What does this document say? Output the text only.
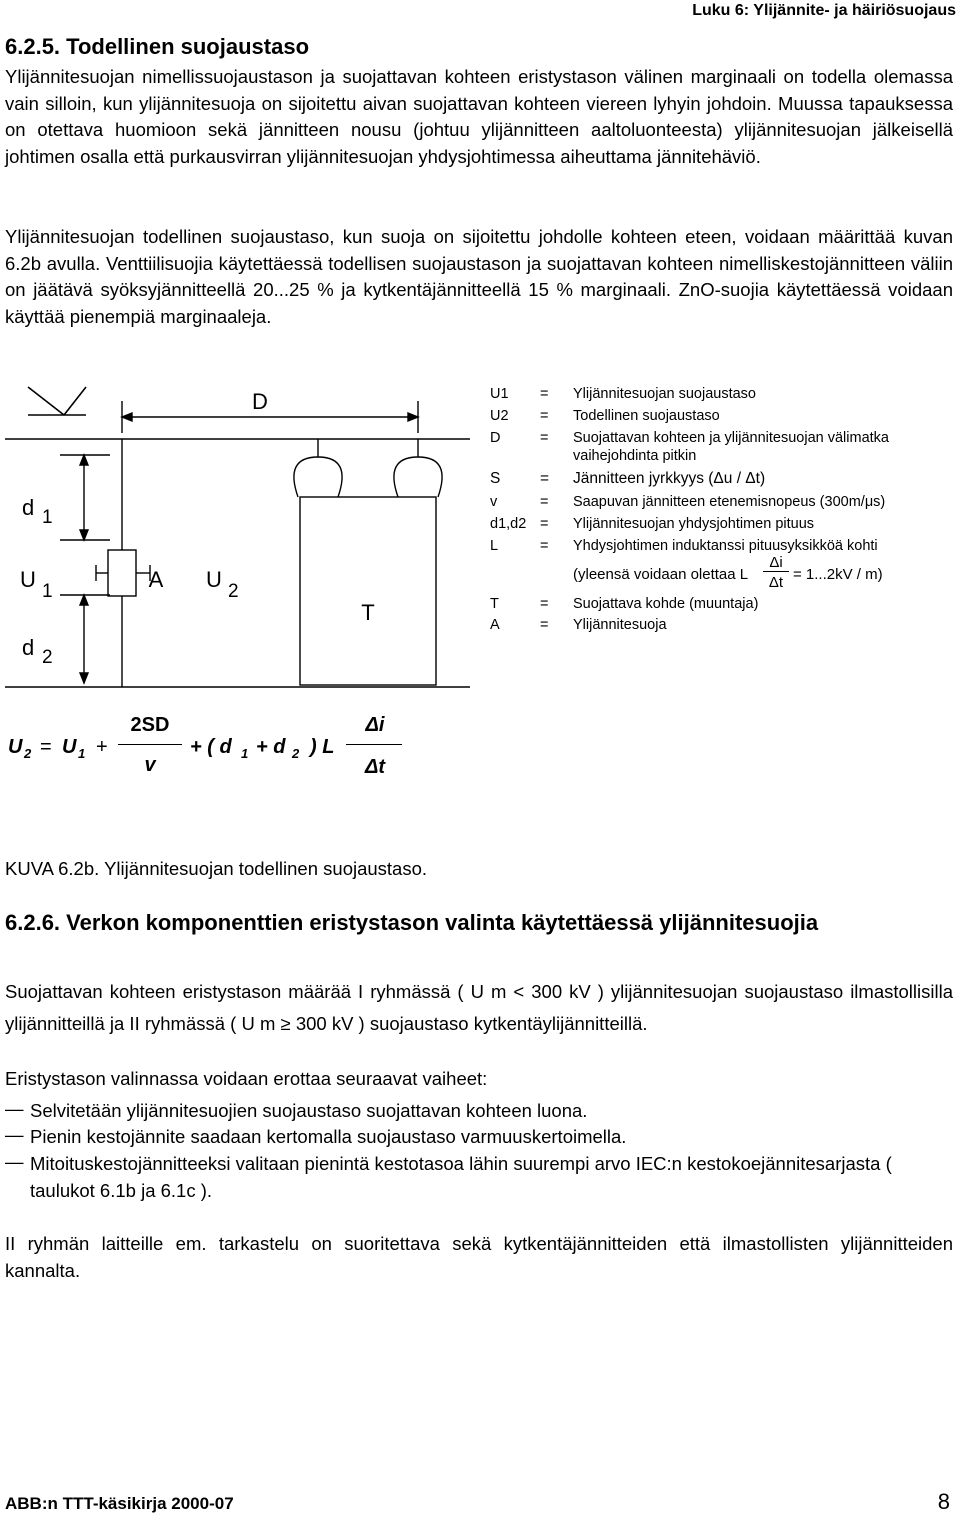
Luku 6: Ylijännite- ja häiriösuojaus
6.2.5. Todellinen suojaustaso
Ylijännitesuojan nimellissuojaustason ja suojattavan kohteen eristystason välinen marginaali on todella olemassa vain silloin, kun ylijännitesuoja on sijoitettu aivan suojattavan kohteen viereen lyhyin johdoin. Muussa tapauksessa on otettava huomioon sekä jännitteen nousu (johtuu ylijännitteen aaltoluonteesta) ylijännitesuojan jälkeisellä johtimen osalla että purkausvirran ylijännitesuojan yhdysjohtimessa aiheuttama jännitehäviö.
Ylijännitesuojan todellinen suojaustaso, kun suoja on sijoitettu johdolle kohteen eteen, voidaan määrittää kuvan 6.2b avulla. Venttiilisuojia käytettäessä todellisen suojaustason ja suojattavan kohteen nimelliskestojännitteen väliin on jäätävä syöksyjännitteellä 20...25 % ja kytkentäjännitteellä 15 % marginaali. ZnO-suojia käytettäessä voidaan käyttää pienempiä marginaaleja.
D
T
A
d 1
U 1	U 2
d 2
U1 = Ylijännitesuojan suojaustaso
U2 = Todellinen suojaustaso
D	= Suojattavan kohteen ja ylijännitesuojan välimatka
vaihejohdinta pitkin
S	= Jännitteen jyrkkyys (Δu / Δt)
v	= Saapuvan jännitteen etenemisnopeus (300m/μs)
d1,d2 = Ylijännitesuojan yhdysjohtimen pituus
L	= Yhdysjohtimen induktanssi pituusyksikköä kohti
(yleensä voidaan olettaa L
Δi
Δt = 1...2kV / m)
T	= Suojattava kohde (muuntaja)
A	= Ylijännitesuoja
U 2 = U 1 +
2SD
v
+ ( d 1 + d 2 ) L
Δi
Δt
KUVA 6.2b. Ylijännitesuojan todellinen suojaustaso.
6.2.6. Verkon komponenttien eristystason valinta käytettäessä ylijännitesuojia
Suojattavan kohteen eristystason määrää I ryhmässä ( U m < 300 kV ) ylijännitesuojan suojaustaso ilmastollisilla ylijännitteillä ja II ryhmässä ( U m ≥ 300 kV ) suojaustaso kytkentäylijännitteillä.
Eristystason valinnassa voidaan erottaa seuraavat vaiheet:
— Selvitetään ylijännitesuojien suojaustaso suojattavan kohteen luona.
— Pienin kestojännite saadaan kertomalla suojaustaso varmuuskertoimella.
— Mitoituskestojännitteeksi valitaan pienintä kestotasoa lähin suurempi arvo IEC:n kestokoejännitesarjasta ( taulukot 6.1b ja 6.1c ).
II ryhmän laitteille em. tarkastelu on suoritettava sekä kytkentäjännitteiden että ilmastollisten ylijännitteiden kannalta.
ABB:n TTT-käsikirja 2000-07	8
